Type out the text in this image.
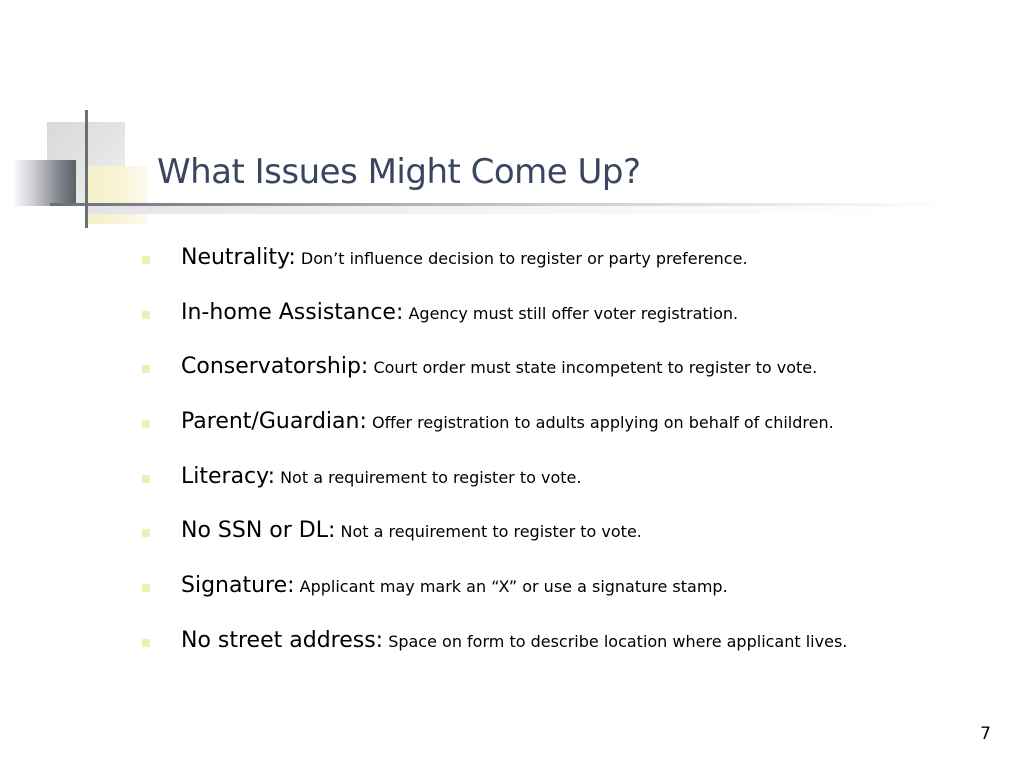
What Issues Might Come Up?
Neutrality: Don’t influence decision to register or party preference.
In-home Assistance: Agency must still offer voter registration.
Conservatorship: Court order must state incompetent to register to vote.
Parent/Guardian: Offer registration to adults applying on behalf of children.
Literacy: Not a requirement to register to vote.
No SSN or DL: Not a requirement to register to vote.
Signature: Applicant may mark an “X” or use a signature stamp.
No street address: Space on form to describe location where applicant lives.
7
